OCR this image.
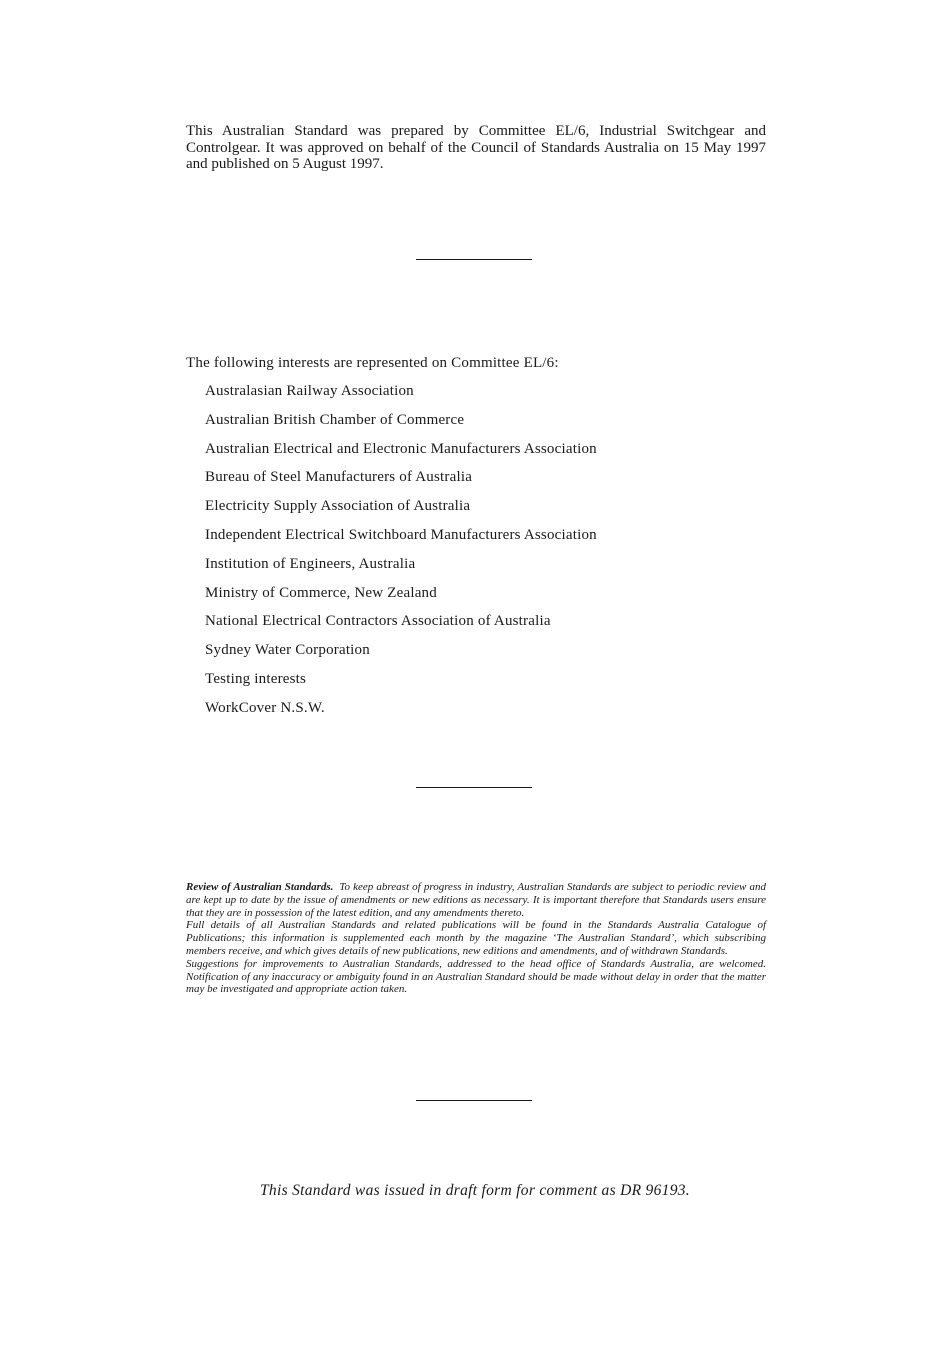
This Australian Standard was prepared by Committee EL/6, Industrial Switchgear and Controlgear. It was approved on behalf of the Council of Standards Australia on 15 May 1997 and published on 5 August 1997.

The following interests are represented on Committee EL/6:

Australasian Railway Association
Australian British Chamber of Commerce
Australian Electrical and Electronic Manufacturers Association
Bureau of Steel Manufacturers of Australia
Electricity Supply Association of Australia
Independent Electrical Switchboard Manufacturers Association
Institution of Engineers, Australia
Ministry of Commerce, New Zealand
National Electrical Contractors Association of Australia
Sydney Water Corporation
Testing interests
WorkCover N.S.W.

Review of Australian Standards. To keep abreast of progress in industry, Australian Standards are subject to periodic review and are kept up to date by the issue of amendments or new editions as necessary. It is important therefore that Standards users ensure that they are in possession of the latest edition, and any amendments thereto.

Full details of all Australian Standards and related publications will be found in the Standards Australia Catalogue of Publications; this information is supplemented each month by the magazine ‘The Australian Standard’, which subscribing members receive, and which gives details of new publications, new editions and amendments, and of withdrawn Standards.

Suggestions for improvements to Australian Standards, addressed to the head office of Standards Australia, are welcomed. Notification of any inaccuracy or ambiguity found in an Australian Standard should be made without delay in order that the matter may be investigated and appropriate action taken.

This Standard was issued in draft form for comment as DR 96193.
